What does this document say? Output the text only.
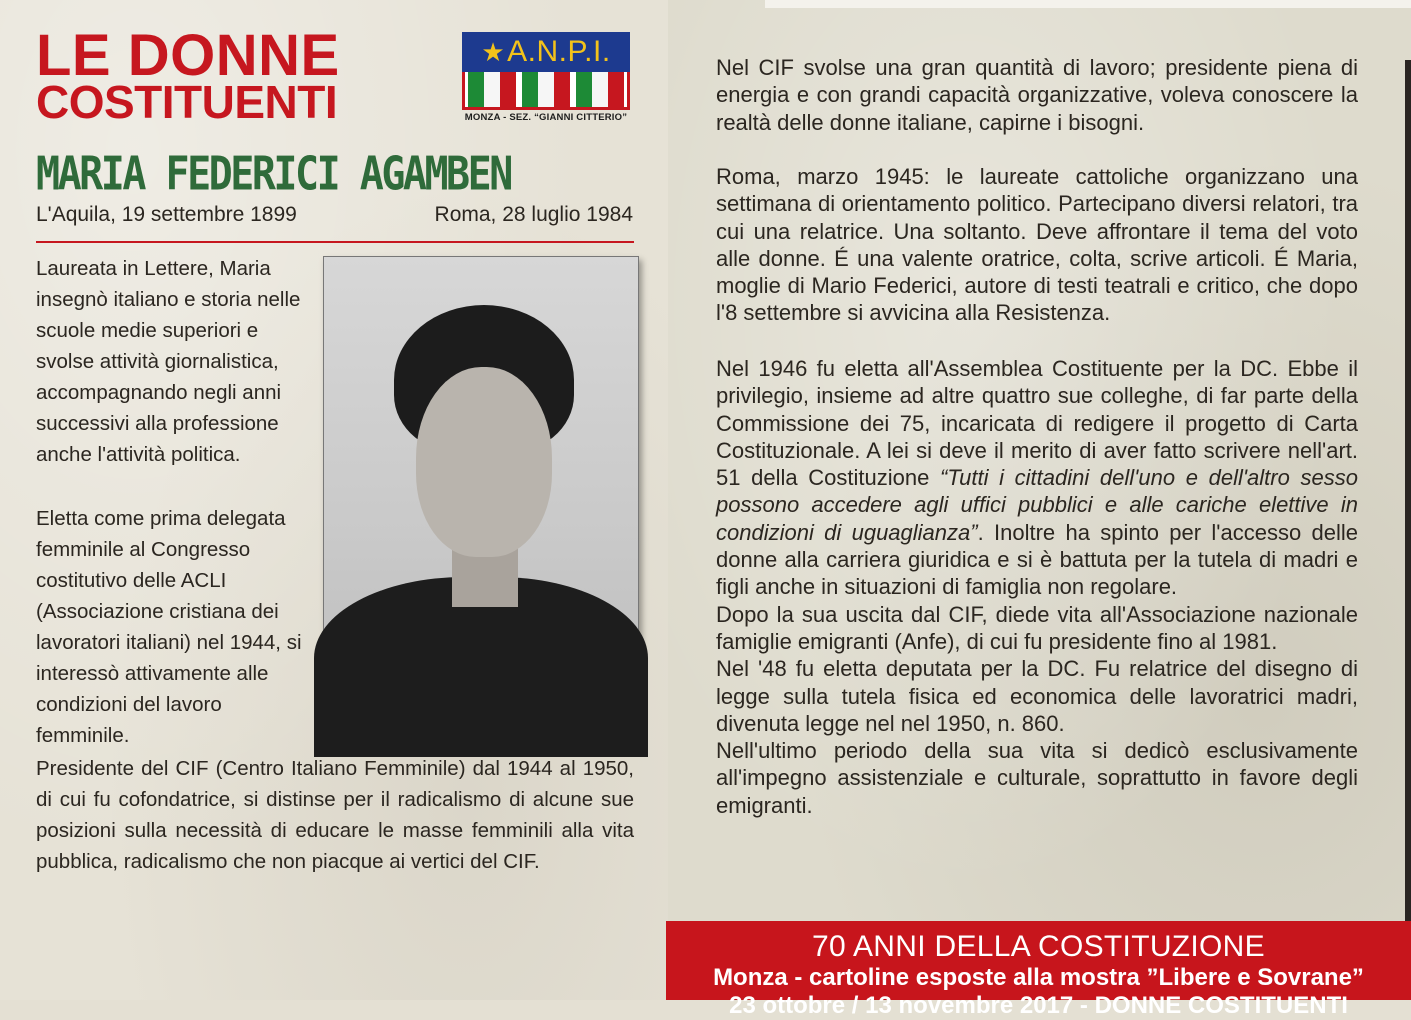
LE DONNE
COSTITUENTI
★ A.N.P.I.
MONZA - SEZ. “GIANNI CITTERIO”
MARIA FEDERICI AGAMBEN
L'Aquila, 19 settembre 1899	Roma, 28 luglio 1984

Laureata in Lettere, Maria insegnò italiano e storia nelle scuole medie superiori e svolse attività giornalistica, accompagnando negli anni successivi alla professione anche l'attività politica.

Eletta come prima delegata femminile al Congresso costitutivo delle ACLI (Associazione cristiana dei lavoratori italiani) nel 1944, si interessò attivamente alle condizioni del lavoro femminile.

Presidente del CIF (Centro Italiano Femminile) dal 1944 al 1950, di cui fu cofondatrice, si distinse per il radicalismo di alcune sue posizioni sulla necessità di educare le masse femminili alla vita pubblica, radicalismo che non piacque ai vertici del CIF.

Nel CIF svolse una gran quantità di lavoro; presidente piena di energia e con grandi capacità organizzative, voleva conoscere la realtà delle donne italiane, capirne i bisogni.

Roma, marzo 1945: le laureate cattoliche organizzano una settimana di orientamento politico. Partecipano diversi relatori, tra cui una relatrice. Una soltanto. Deve affrontare il tema del voto alle donne. É una valente oratrice, colta, scrive articoli. É Maria, moglie di Mario Federici, autore di testi teatrali e critico, che dopo l'8 settembre si avvicina alla Resistenza.

Nel 1946 fu eletta all'Assemblea Costituente per la DC. Ebbe il privilegio, insieme ad altre quattro sue colleghe, di far parte della Commissione dei 75, incaricata di redigere il progetto di Carta Costituzionale. A lei si deve il merito di aver fatto scrivere nell'art. 51 della Costituzione “Tutti i cittadini dell'uno e dell'altro sesso possono accedere agli uffici pubblici e alle cariche elettive in condizioni di uguaglianza”. Inoltre ha spinto per l'accesso delle donne alla carriera giuridica e si è battuta per la tutela di madri e figli anche in situazioni di famiglia non regolare.
Dopo la sua uscita dal CIF, diede vita all'Associazione nazionale famiglie emigranti (Anfe), di cui fu presidente fino al 1981.
Nel '48 fu eletta deputata per la DC. Fu relatrice del disegno di legge sulla tutela fisica ed economica delle lavoratrici madri, divenuta legge nel nel 1950, n. 860.
Nell'ultimo periodo della sua vita si dedicò esclusivamente all'impegno assistenziale e culturale, soprattutto in favore degli emigranti.

70 ANNI DELLA COSTITUZIONE
Monza - cartoline esposte alla mostra ”Libere e Sovrane”
23 ottobre / 13 novembre 2017 - DONNE COSTITUENTI
